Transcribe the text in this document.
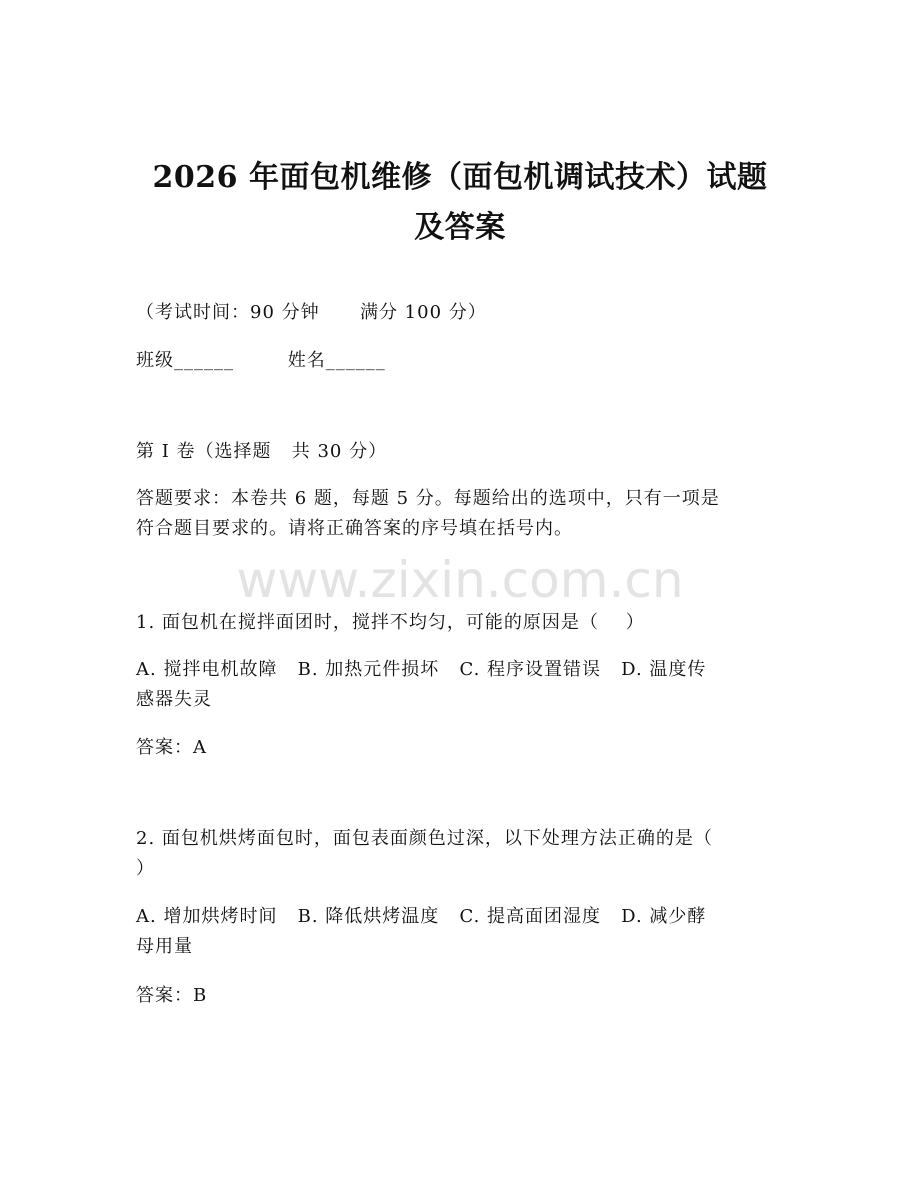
www.zixin.com.cn
2026 年面包机维修（面包机调试技术）试题
及答案
（考试时间：90 分钟      满分 100 分）
班级______        姓名______
第 I 卷（选择题   共 30 分）
答题要求：本卷共 6 题，每题 5 分。每题给出的选项中，只有一项是
符合题目要求的。请将正确答案的序号填在括号内。
1. 面包机在搅拌面团时，搅拌不均匀，可能的原因是（    ）
A. 搅拌电机故障   B. 加热元件损坏   C. 程序设置错误   D. 温度传
感器失灵
答案：A
2. 面包机烘烤面包时，面包表面颜色过深，以下处理方法正确的是（
）
A. 增加烘烤时间   B. 降低烘烤温度   C. 提高面团湿度   D. 减少酵
母用量
答案：B
